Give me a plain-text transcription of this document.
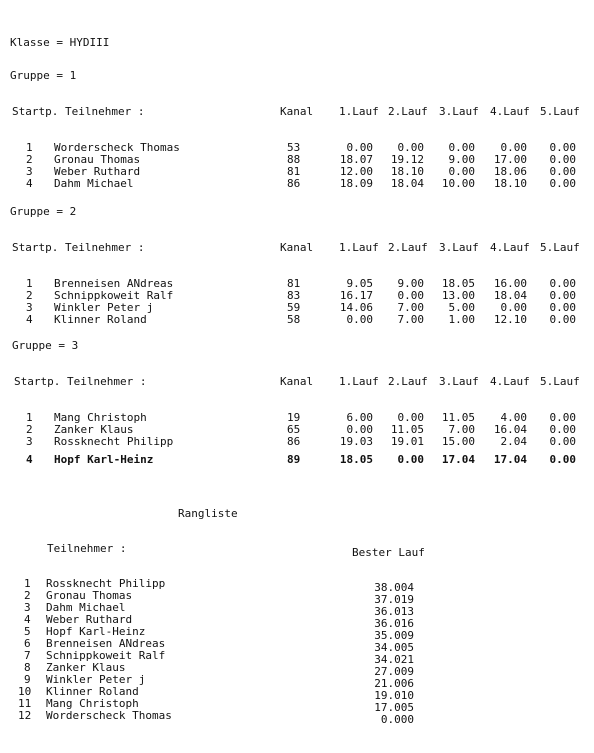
Klasse = HYDIII
Gruppe = 1
Startp. Teilnehmer :	Kanal 1.Lauf 2.Lauf 3.Lauf 4.Lauf 5.Lauf
1 Worderscheck Thomas	53	0.00	0.00	0.00	0.00	0.00
2 Gronau Thomas	88	18.07	19.12	9.00	17.00	0.00
3 Weber Ruthard	81	12.00	18.10	0.00	18.06	0.00
4 Dahm Michael	86	18.09	18.04	10.00	18.10	0.00
Gruppe = 2
Startp. Teilnehmer :	Kanal 1.Lauf 2.Lauf 3.Lauf 4.Lauf 5.Lauf
1 Brenneisen ANdreas	81	9.05	9.00	18.05	16.00	0.00
2 Schnippkoweit Ralf	83	16.17	0.00	13.00	18.04	0.00
3 Winkler Peter j	59	14.06	7.00	5.00	0.00	0.00
4 Klinner Roland	58	0.00	7.00	1.00	12.10	0.00
Gruppe = 3
Startp. Teilnehmer :	Kanal 1.Lauf 2.Lauf 3.Lauf 4.Lauf 5.Lauf
1 Mang Christoph	19	6.00	0.00	11.05	4.00	0.00
2 Zanker Klaus	65	0.00	11.05	7.00	16.04	0.00
3 Rossknecht Philipp	86	19.03	19.01	15.00	2.04	0.00
4 Hopf Karl-Heinz	89	18.05	0.00	17.04	17.04	0.00
Rangliste
Teilnehmer :	Bester Lauf
1 Rossknecht Philipp	38.004
2 Gronau Thomas	37.019
3 Dahm Michael	36.013
4 Weber Ruthard	36.016
5 Hopf Karl-Heinz	35.009
6 Brenneisen ANdreas	34.005
7 Schnippkoweit Ralf	34.021
8 Zanker Klaus	27.009
9 Winkler Peter j	21.006
10 Klinner Roland	19.010
11 Mang Christoph	17.005
12 Worderscheck Thomas	0.000
